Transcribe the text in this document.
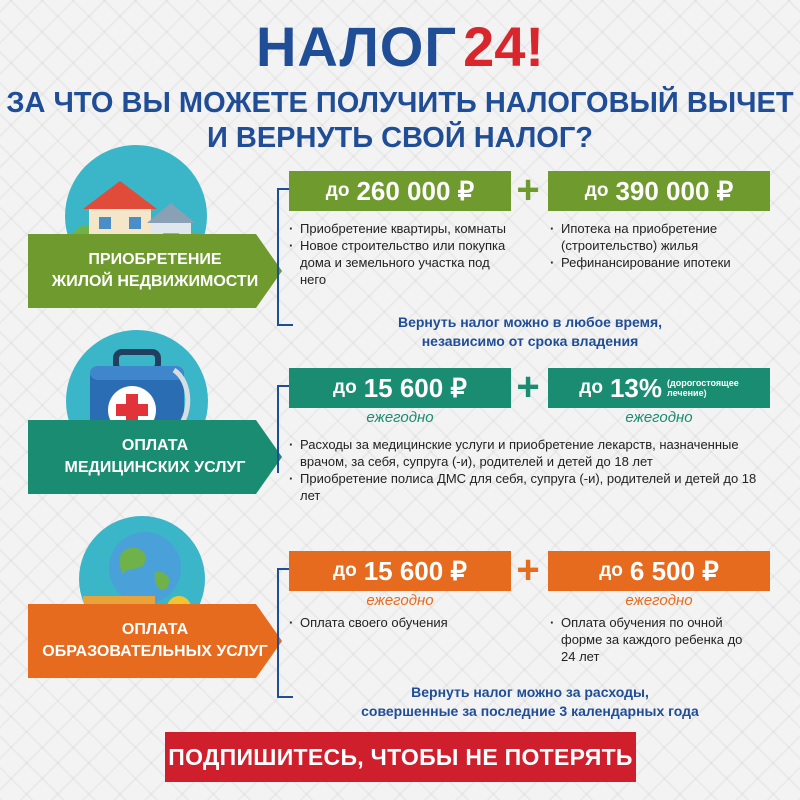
НАЛОГ 24!
ЗА ЧТО ВЫ МОЖЕТЕ ПОЛУЧИТЬ НАЛОГОВЫЙ ВЫЧЕТ
И ВЕРНУТЬ СВОЙ НАЛОГ?
ПРИОБРЕТЕНИЕ
ЖИЛОЙ НЕДВИЖИМОСТИ
до 260 000 ₽ +	до 390 000 ₽
· Приобретение квартиры, комнаты
· Новое строительство или покупка дома и земельного участка под него
· Ипотека на приобретение (строительство) жилья
· Рефинансирование ипотеки
Вернуть налог можно в любое время,
независимо от срока владения
ОПЛАТА
МЕДИЦИНСКИХ УСЛУГ
до 15 600 ₽ +	до 13% (дорогостоящее
лечение)
ежегодно	ежегодно
· Расходы за медицинские услуги и приобретение лекарств, назначенные врачом, за себя, супруга (-и), родителей и детей до 18 лет
· Приобретение полиса ДМС для себя, супруга (-и), родителей и детей до 18 лет
ОПЛАТА
ОБРАЗОВАТЕЛЬНЫХ УСЛУГ
до 15 600 ₽ +	до 6 500 ₽
ежегодно	ежегодно
· Оплата своего обучения
·	Оплата обучения по очной форме за каждого ребенка до 24 лет
Вернуть налог можно за расходы,
совершенные за последние 3 календарных года
ПОДПИШИТЕСЬ, ЧТОБЫ НЕ ПОТЕРЯТЬ
